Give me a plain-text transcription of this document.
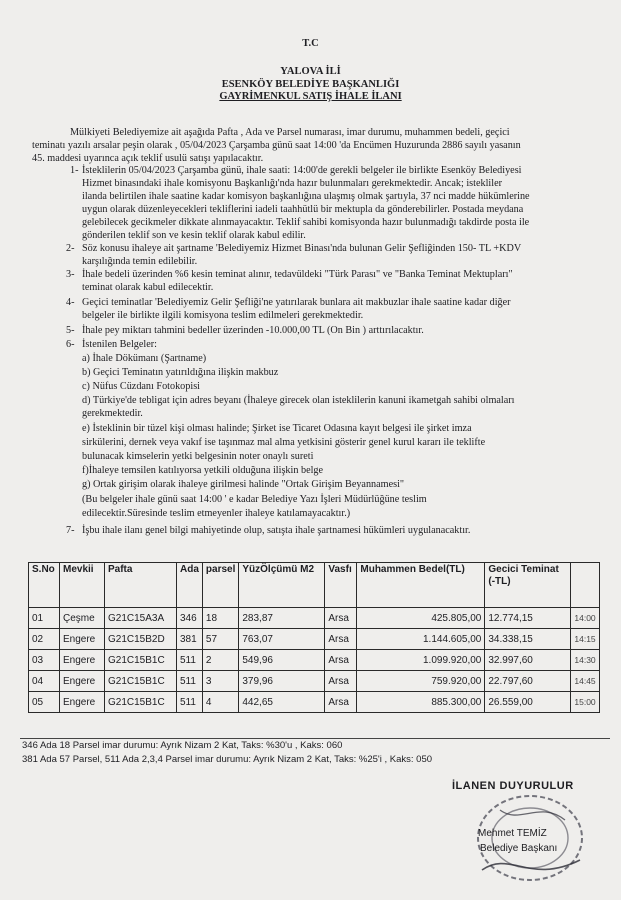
T.C
YALOVA İLİ
ESENKÖY BELEDİYE BAŞKANLIĞI
GAYRİMENKUL SATIŞ İHALE İLANI
Mülkiyeti Belediyemize ait aşağıda Pafta , Ada ve Parsel numarası, imar durumu, muhammen bedeli, geçici
teminatı yazılı arsalar peşin olarak , 05/04/2023 Çarşamba günü saat 14:00 'da Encümen Huzurunda 2886 sayılı yasanın
45. maddesi uyarınca açık teklif usulü satışı yapılacaktır.
1- İsteklilerin 05/04/2023 Çarşamba günü, ihale saati: 14:00'de gerekli belgeler ile birlikte Esenköy Belediyesi
Hizmet binasındaki ihale komisyonu Başkanlığı'nda hazır bulunmaları gerekmektedir. Ancak; istekliler
ilanda belirtilen ihale saatine kadar komisyon başkanlığına ulaşmış olmak şartıyla, 37 nci madde hükümlerine
uygun olarak düzenleyecekleri tekliflerini iadeli taahhütlü bir mektupla da gönderebilirler. Postada meydana
gelebilecek gecikmeler dikkate alınmayacaktır. Teklif sahibi komisyonda hazır bulunmadığı takdirde posta ile
gönderilen teklif son ve kesin teklif olarak kabul edilir.
2- Söz konusu ihaleye ait şartname 'Belediyemiz Hizmet Binası'nda bulunan Gelir Şefliğinden 150- TL +KDV
karşılığında temin edilebilir.
3- İhale bedeli üzerinden %6 kesin teminat alınır, tedavüldeki "Türk Parası" ve "Banka Teminat Mektupları"
teminat olarak kabul edilecektir.
4- Geçici teminatlar 'Belediyemiz Gelir Şefliği'ne yatırılarak bunlara ait makbuzlar ihale saatine kadar diğer
belgeler ile birlikte ilgili komisyona teslim edilmeleri gerekmektedir.
5- İhale pey miktarı tahmini bedeller üzerinden -10.000,00 TL (On Bin ) arttırılacaktır.
6- İstenilen Belgeler:
a) İhale Dökümanı (Şartname)
b) Geçici Teminatın yatırıldığına ilişkin makbuz
c) Nüfus Cüzdanı Fotokopisi
d) Türkiye'de tebligat için adres beyanı (İhaleye girecek olan isteklilerin kanuni ikametgah sahibi olmaları
gerekmektedir.
e) İsteklinin bir tüzel kişi olması halinde; Şirket ise Ticaret Odasına kayıt belgesi ile şirket imza
sirkülerini, dernek veya vakıf ise taşınmaz mal alma yetkisini gösterir genel kurul kararı ile teklifte
bulunacak kimselerin yetki belgesinin noter onaylı sureti
f)İhaleye temsilen katılıyorsa yetkili olduğuna ilişkin belge
g) Ortak girişim olarak ihaleye girilmesi halinde "Ortak Girişim Beyannamesi"
(Bu belgeler ihale günü saat 14:00 ' e kadar Belediye Yazı İşleri Müdürlüğüne teslim
edilecektir.Süresinde teslim etmeyenler ihaleye katılamayacaktır.)
7- İşbu ihale ilanı genel bilgi mahiyetinde olup, satışta ihale şartnamesi hükümleri uygulanacaktır.
S.No	Mevkii	Pafta	Ada	parsel	YüzÖlçümü M2	Vasfı	Muhammen Bedel(TL)	Gecici Teminat (-TL)	
01	Çeşme	G21C15A3A	346	18	283,87	Arsa	425.805,00	12.774,15	14:00
02	Engere	G21C15B2D	381	57	763,07	Arsa	1.144.605,00	34.338,15	14:15
03	Engere	G21C15B1C	511	2	549,96	Arsa	1.099.920,00	32.997,60	14:30
04	Engere	G21C15B1C	511	3	379,96	Arsa	759.920,00	22.797,60	14:45
05	Engere	G21C15B1C	511	4	442,65	Arsa	885.300,00	26.559,00	15:00
346 Ada 18 Parsel imar durumu: Ayrık Nizam 2 Kat, Taks: %30'u , Kaks: 060
381 Ada 57 Parsel, 511 Ada 2,3,4 Parsel imar durumu: Ayrık Nizam 2 Kat, Taks: %25'i , Kaks: 050
İLANEN DUYURULUR
Mehmet TEMİZ
Belediye Başkanı
